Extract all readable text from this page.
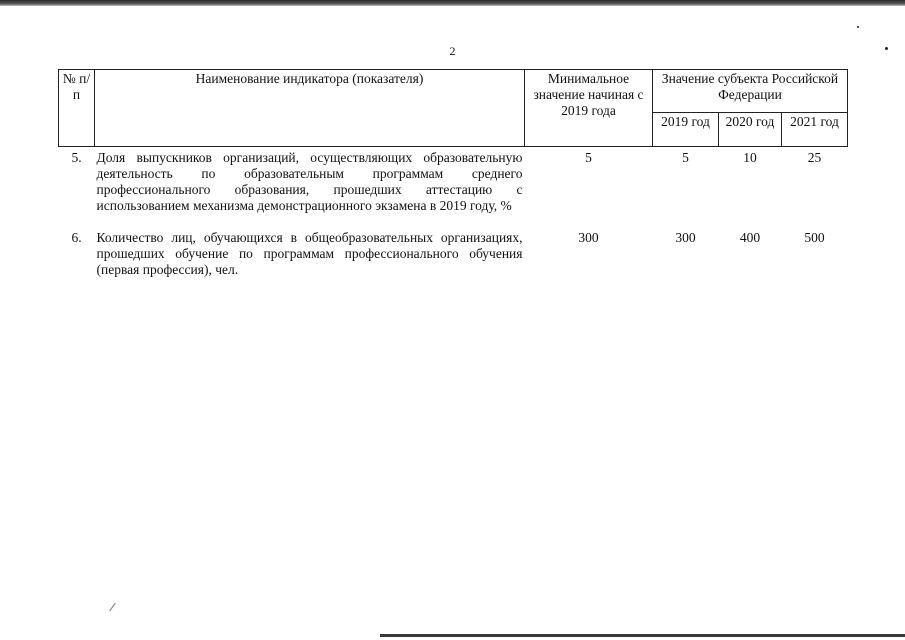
2
№ п/п	Наименование индикатора (показателя)	Минимальное значение начиная с 2019 года	Значение субъекта Российской Федерации		
			2019 год	2020 год	2021 год
5.	Доля выпускников организаций, осуществляющих образовательную деятельность по образовательным программам среднего профессионального образования, прошедших аттестацию с использованием механизма демонстрационного экзамена в 2019 году, %	5	5	10	25
6.	Количество лиц, обучающихся в общеобразовательных организациях, прошедших обучение по программам профессионального обучения (первая профессия), чел.	300	300	400	500
